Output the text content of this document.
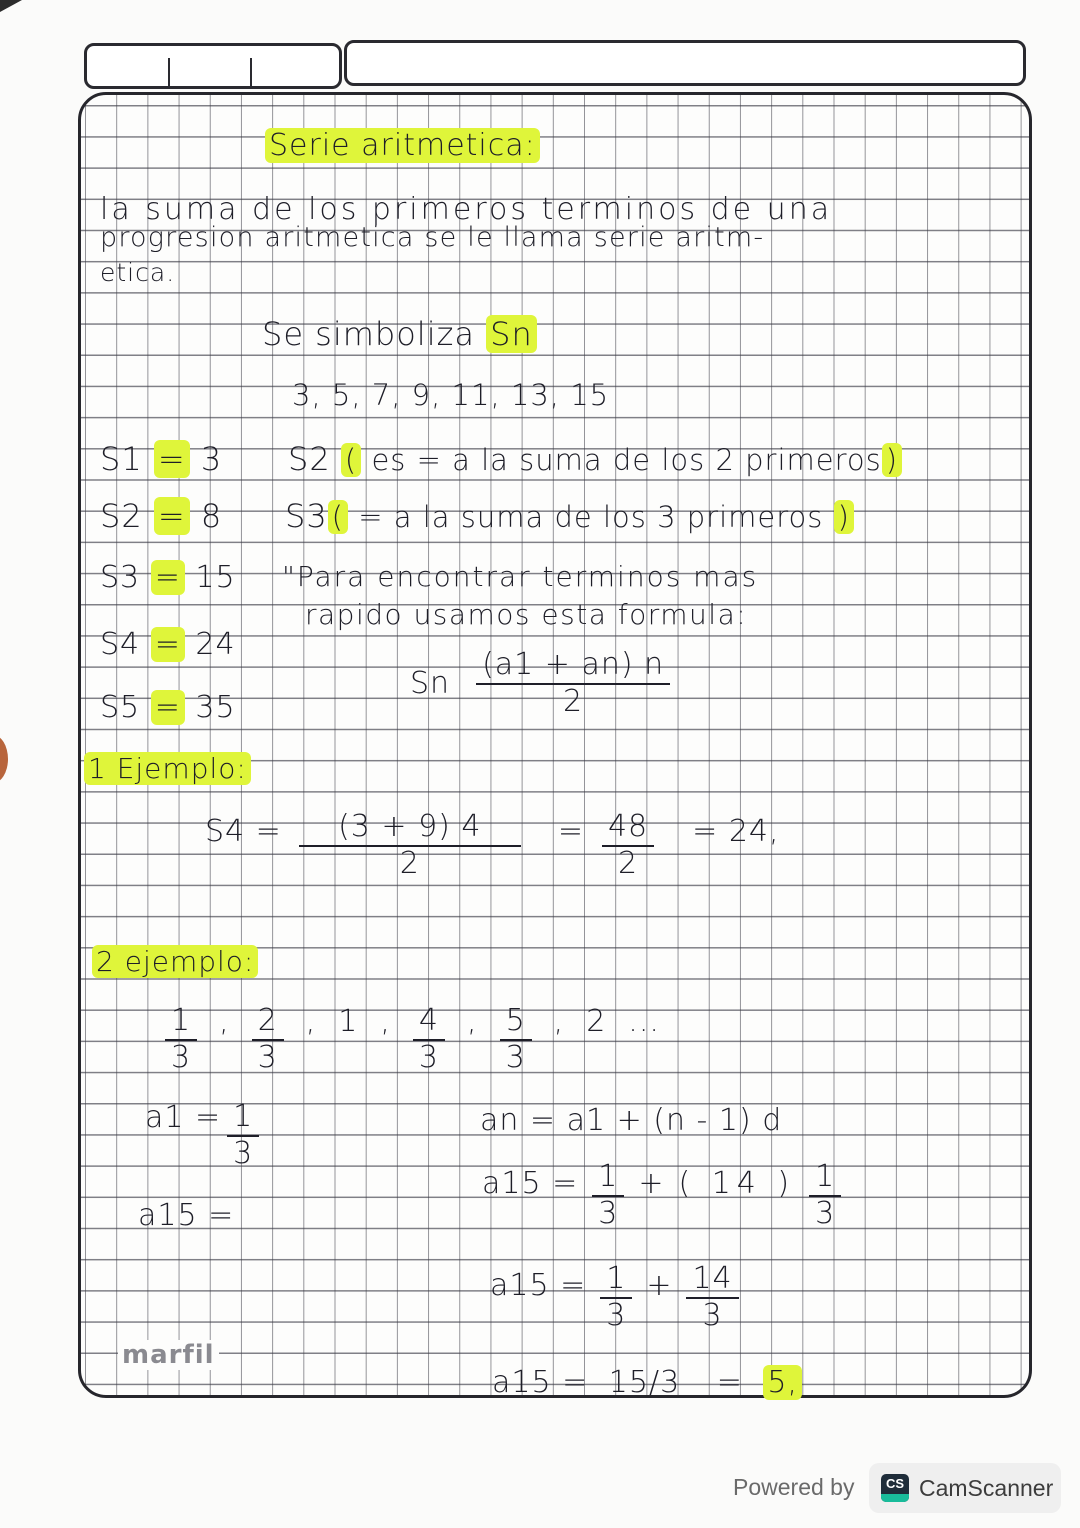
Serie aritmetica:
la suma de los primeros terminos de una
progresion aritmetica se le llama serie aritm-
etica.
Se simboliza Sn
3, 5, 7, 9, 11, 13, 15
S1 = 3
S2 = 8
S3 = 15
S4 = 24
S5 = 35
S2 ( es = a la suma de los 2 primeros )
S3 ( = a la suma de los 3 primeros )
"Para encontrar terminos mas
rapido usamos esta formula:
Sn $\frac{(a1 + an) n}{2}$
1 Ejemplo:
$S4 = \frac{(3 + 9) 4}{2} = \frac{48}{2} = 24$,
2 ejemplo:
$\frac{1}{3}$ , $\frac{2}{3}$ , 1 , $\frac{4}{3}$ , $\frac{5}{3}$ , 2 ...
$a1 = \frac{1}{3}$
a15 =
an = a1 + (n - 1) d
$a15 = \frac{1}{3}$ + ( 14 ) $\frac{1}{3}$
$a15 = \frac{1}{3} + \frac{14}{3}$
a15 = 15/3 = 5,
marfil
Powered by	CS CamScanner
